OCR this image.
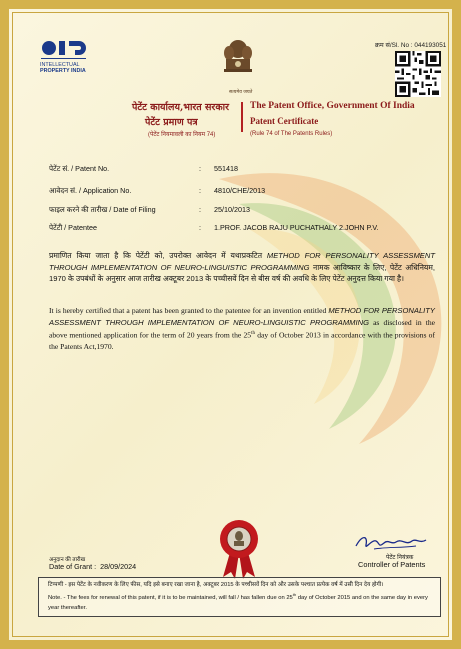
INTELLECTUAL
PROPERTY INDIA
सत्यमेव जयते
क्रम सं/Sl. No : 044193051
पेटेंट कार्यालय,भारत सरकार
पेटेंट प्रमाण पत्र
(पेटेंट नियमावली का नियम 74)
The Patent Office, Government Of India
Patent Certificate
(Rule 74 of The Patents Rules)
पेटेंट सं. / Patent No.	: 551418
आवेदन सं. / Application No.	: 4810/CHE/2013
फाइल करने की तारीख / Date of Filing	: 25/10/2013
पेटेंटी / Patentee	: 1.PROF. JACOB RAJU PUCHATHALY 2.JOHN P.V.
प्रमाणित किया जाता है कि पेटेंटी को, उपरोक्त आवेदन में यथाप्रकटित METHOD FOR PERSONALITY ASSESSMENT THROUGH IMPLEMENTATION OF NEURO-LINGUISTIC PROGRAMMING नामक आविष्कार के लिए, पेटेंट अधिनियम, 1970 के उपबंधों के अनुसार आज तारीख अक्टूबर 2013 के पच्चीसवें दिन से बीस वर्ष की अवधि के लिए पेटेंट अनुदत्त किया गया है।
It is hereby certified that a patent has been granted to the patentee for an invention entitled METHOD FOR PERSONALITY ASSESSMENT THROUGH IMPLEMENTATION OF NEURO-LINGUISTIC PROGRAMMING as disclosed in the above mentioned application for the term of 20 years from the 25th day of October 2013 in accordance with the provisions of the Patents Act,1970.
अनुदान की तारीख
Date of Grant : 28/09/2024
पेटेंट नियंत्रक
Controller of Patents
टिप्पणी - इस पेटेंट के नवीकरण के लिए फीस, यदि इसे बनाए रखा जाना है, अक्टूबर 2015 के पच्चीसवें दिन को और उसके पश्चात प्रत्येक वर्ष में उसी दिन देय होगी।
Note. - The fees for renewal of this patent, if it is to be maintained, will fall / has fallen due on 25th day of October 2015 and on the same day in every year thereafter.
